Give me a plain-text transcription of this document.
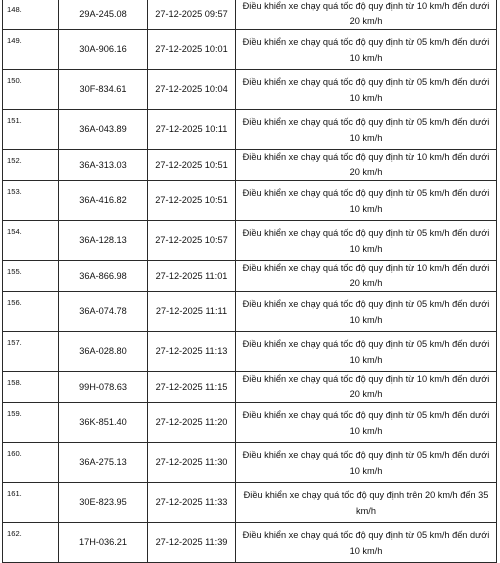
148.	29A-245.08	27-12-2025 09:57	Điều khiển xe chạy quá tốc độ quy định từ 10 km/h đến dưới 20 km/h
149.	30A-906.16	27-12-2025 10:01	Điều khiển xe chạy quá tốc độ quy định từ 05 km/h đến dưới 10 km/h
150.	30F-834.61	27-12-2025 10:04	Điều khiển xe chạy quá tốc độ quy định từ 05 km/h đến dưới 10 km/h
151.	36A-043.89	27-12-2025 10:11	Điều khiển xe chạy quá tốc độ quy định từ 05 km/h đến dưới 10 km/h
152.	36A-313.03	27-12-2025 10:51	Điều khiển xe chạy quá tốc độ quy định từ 10 km/h đến dưới 20 km/h
153.	36A-416.82	27-12-2025 10:51	Điều khiển xe chạy quá tốc độ quy định từ 05 km/h đến dưới 10 km/h
154.	36A-128.13	27-12-2025 10:57	Điều khiển xe chạy quá tốc độ quy định từ 05 km/h đến dưới 10 km/h
155.	36A-866.98	27-12-2025 11:01	Điều khiển xe chạy quá tốc độ quy định từ 10 km/h đến dưới 20 km/h
156.	36A-074.78	27-12-2025 11:11	Điều khiển xe chạy quá tốc độ quy định từ 05 km/h đến dưới 10 km/h
157.	36A-028.80	27-12-2025 11:13	Điều khiển xe chạy quá tốc độ quy định từ 05 km/h đến dưới 10 km/h
158.	99H-078.63	27-12-2025 11:15	Điều khiển xe chạy quá tốc độ quy định từ 10 km/h đến dưới 20 km/h
159.	36K-851.40	27-12-2025 11:20	Điều khiển xe chạy quá tốc độ quy định từ 05 km/h đến dưới 10 km/h
160.	36A-275.13	27-12-2025 11:30	Điều khiển xe chạy quá tốc độ quy định từ 05 km/h đến dưới 10 km/h
161.	30E-823.95	27-12-2025 11:33	Điều khiển xe chạy quá tốc độ quy định trên 20 km/h đến 35 km/h
162.	17H-036.21	27-12-2025 11:39	Điều khiển xe chạy quá tốc độ quy định từ 05 km/h đến dưới 10 km/h
